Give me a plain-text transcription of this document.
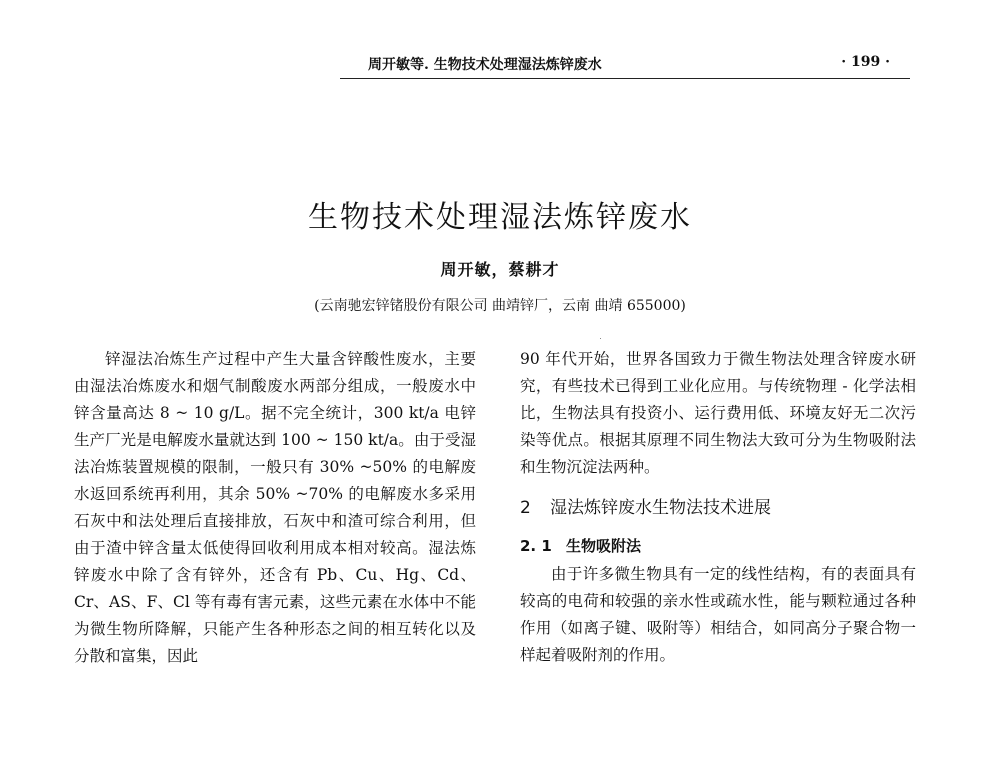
周开敏等. 生物技术处理湿法炼锌废水	· 199 ·
生物技术处理湿法炼锌废水
周开敏，蔡耕才
(云南驰宏锌锗股份有限公司 曲靖锌厂，云南 曲靖 655000)

锌湿法冶炼生产过程中产生大量含锌酸性废水，主要由湿法冶炼废水和烟气制酸废水两部分组成，一般废水中锌含量高达 8 ~ 10 g/L。据不完全统计，300 kt/a 电锌生产厂光是电解废水量就达到 100 ~ 150 kt/a。由于受湿法冶炼装置规模的限制，一般只有 30% ~50% 的电解废水返回系统再利用，其余 50% ~70% 的电解废水多采用石灰中和法处理后直接排放，石灰中和渣可综合利用，但由于渣中锌含量太低使得回收利用成本相对较高。湿法炼锌废水中除了含有锌外，还含有 Pb、Cu、Hg、Cd、Cr、AS、F、Cl 等有毒有害元素，这些元素在水体中不能为微生物所降解，只能产生各种形态之间的相互转化以及分散和富集，因此

90 年代开始，世界各国致力于微生物法处理含锌废水研究，有些技术已得到工业化应用。与传统物理 - 化学法相比，生物法具有投资小、运行费用低、环境友好无二次污染等优点。根据其原理不同生物法大致可分为生物吸附法和生物沉淀法两种。

2 湿法炼锌废水生物法技术进展
2. 1 生物吸附法

由于许多微生物具有一定的线性结构，有的表面具有较高的电荷和较强的亲水性或疏水性，能与颗粒通过各种作用（如离子键、吸附等）相结合，如同高分子聚合物一样起着吸附剂的作用。
